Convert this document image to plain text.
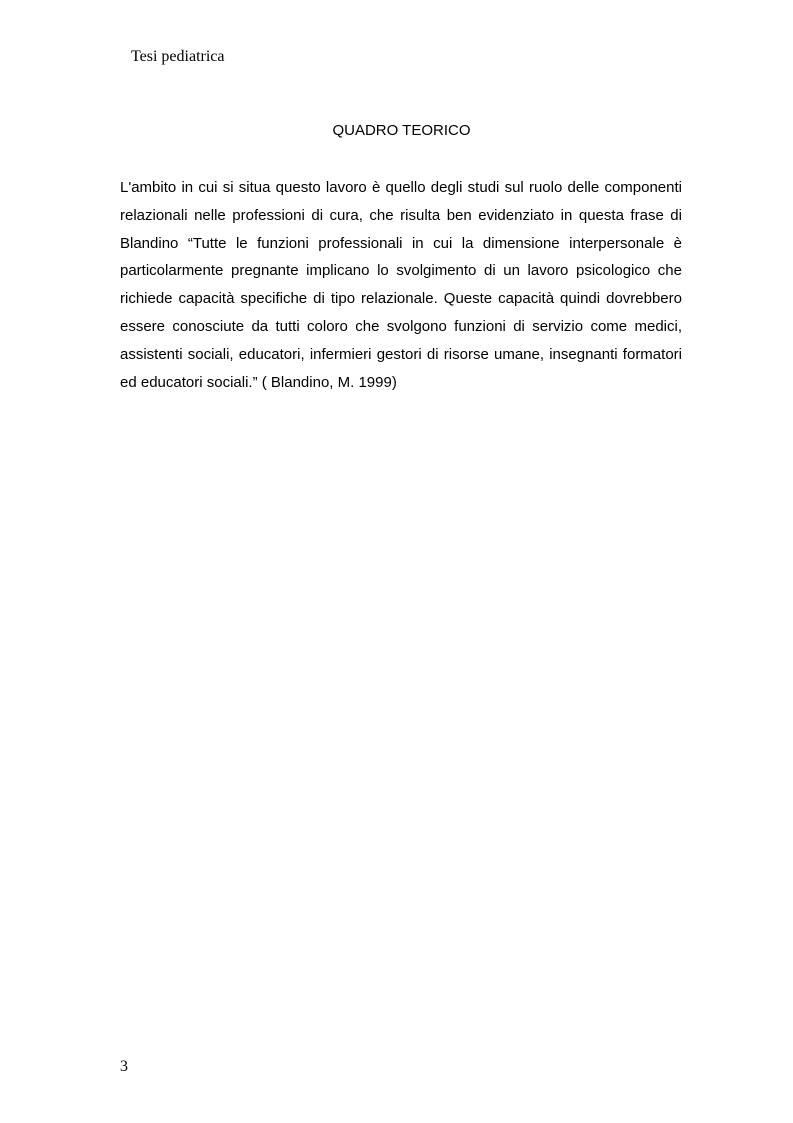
Tesi pediatrica
QUADRO TEORICO

L'ambito in cui si situa questo lavoro è quello degli studi sul ruolo delle componenti relazionali nelle professioni di cura, che risulta ben evidenziato in questa frase di Blandino “Tutte le funzioni professionali in cui la dimensione interpersonale è particolarmente pregnante implicano lo svolgimento di un lavoro psicologico che richiede capacità specifiche di tipo relazionale. Queste capacità quindi dovrebbero essere conosciute da tutti coloro che svolgono funzioni di servizio come medici, assistenti sociali, educatori, infermieri gestori di risorse umane, insegnanti formatori ed educatori sociali.” ( Blandino, M. 1999)

3
